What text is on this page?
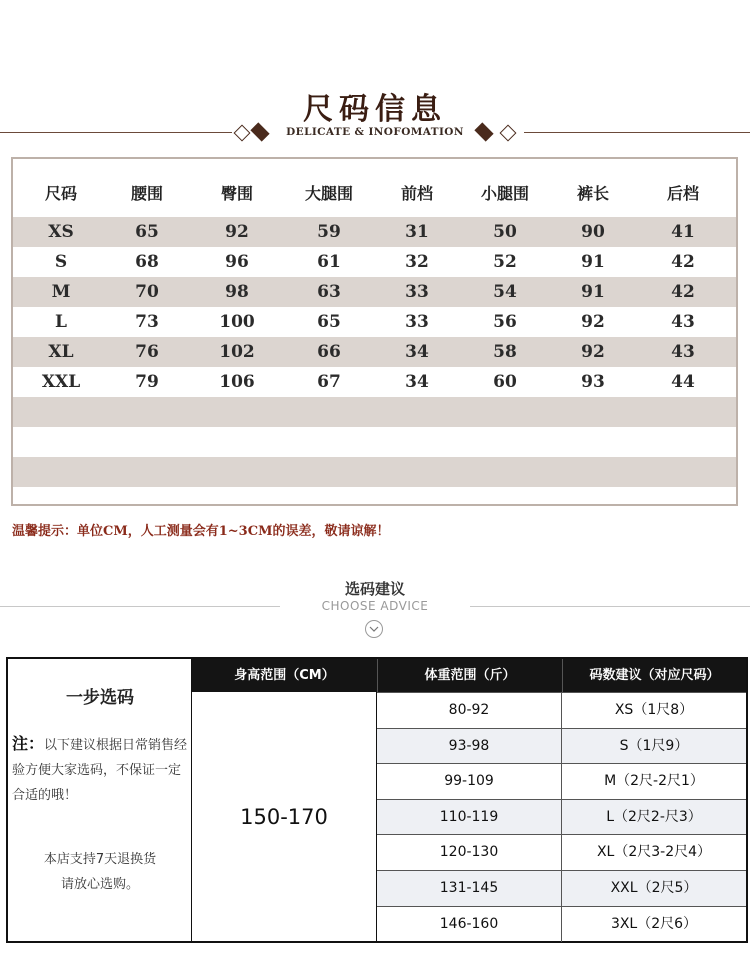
尺码信息
DELICATE & INOFOMATION
尺码	腰围	臀围	大腿围	前档	小腿围	裤长	后档
XS	65	92	59	31	50	90	41
S	68	96	61	32	52	91	42
M	70	98	63	33	54	91	42
L	73	100	65	33	56	92	43
XL	76	102	66	34	58	92	43
XXL	79	106	67	34	60	93	44
温馨提示：单位CM，人工测量会有1~3CM的误差，敬请谅解！
选码建议
CHOOSE ADVICE
一步选码
注：以下建议根据日常销售经验方便大家选码，不保证一定合适的哦！
本店支持7天退换货
请放心选购。
身高范围（CM）	体重范围（斤）	码数建议（对应尺码）
150-170
80-92	XS（1尺8）
93-98	S（1尺9）
99-109	M（2尺-2尺1）
110-119	L（2尺2-尺3）
120-130	XL（2尺3-2尺4）
131-145	XXL（2尺5）
146-160	3XL（2尺6）
